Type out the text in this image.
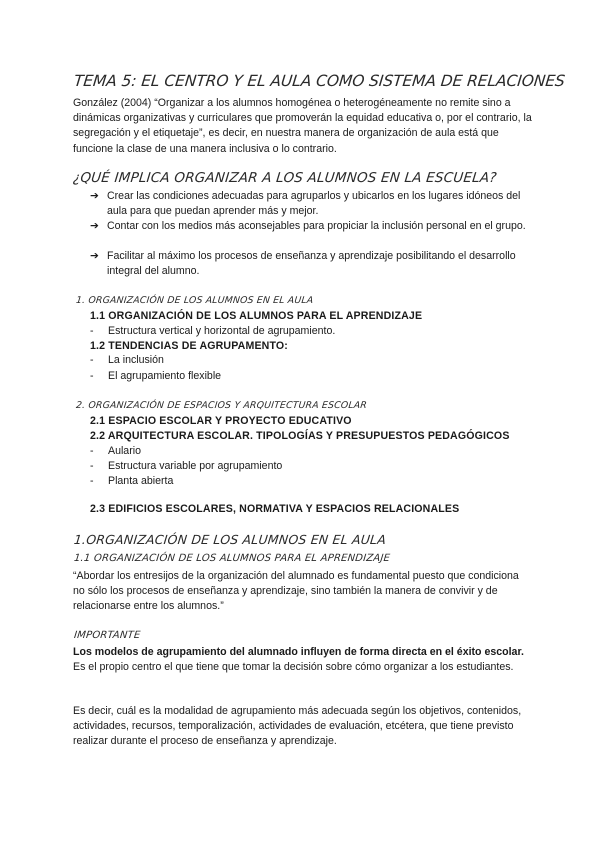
TEMA 5: EL CENTRO Y EL AULA COMO SISTEMA DE RELACIONES
González (2004) “Organizar a los alumnos homogénea o heterogéneamente no remite sino a dinámicas organizativas y curriculares que promoverán la equidad educativa o, por el contrario, la segregación y el etiquetaje”, es decir, en nuestra manera de organización de aula está que funcione la clase de una manera inclusiva o lo contrario.
¿QUÉ IMPLICA ORGANIZAR A LOS ALUMNOS EN LA ESCUELA?
➔ Crear las condiciones adecuadas para agruparlos y ubicarlos en los lugares idóneos del aula para que puedan aprender más y mejor.
➔ Contar con los medios más aconsejables para propiciar la inclusión personal en el grupo.
➔ Facilitar al máximo los procesos de enseñanza y aprendizaje posibilitando el desarrollo integral del alumno.
1. ORGANIZACIÓN DE LOS ALUMNOS EN EL AULA
1.1 ORGANIZACIÓN DE LOS ALUMNOS PARA EL APRENDIZAJE
- Estructura vertical y horizontal de agrupamiento.
1.2 TENDENCIAS DE AGRUPAMENTO:
- La inclusión
- El agrupamiento flexible
2. ORGANIZACIÓN DE ESPACIOS Y ARQUITECTURA ESCOLAR
2.1 ESPACIO ESCOLAR Y PROYECTO EDUCATIVO
2.2 ARQUITECTURA ESCOLAR. TIPOLOGÍAS Y PRESUPUESTOS PEDAGÓGICOS
- Aulario
- Estructura variable por agrupamiento
- Planta abierta
2.3 EDIFICIOS ESCOLARES, NORMATIVA Y ESPACIOS RELACIONALES
1.ORGANIZACIÓN DE LOS ALUMNOS EN EL AULA
1.1 ORGANIZACIÓN DE LOS ALUMNOS PARA EL APRENDIZAJE
“Abordar los entresijos de la organización del alumnado es fundamental puesto que condiciona no sólo los procesos de enseñanza y aprendizaje, sino también la manera de convivir y de relacionarse entre los alumnos.”
IMPORTANTE
Los modelos de agrupamiento del alumnado influyen de forma directa en el éxito escolar. Es el propio centro el que tiene que tomar la decisión sobre cómo organizar a los estudiantes.
Es decir, cuál es la modalidad de agrupamiento más adecuada según los objetivos, contenidos, actividades, recursos, temporalización, actividades de evaluación, etcétera, que tiene previsto realizar durante el proceso de enseñanza y aprendizaje.
